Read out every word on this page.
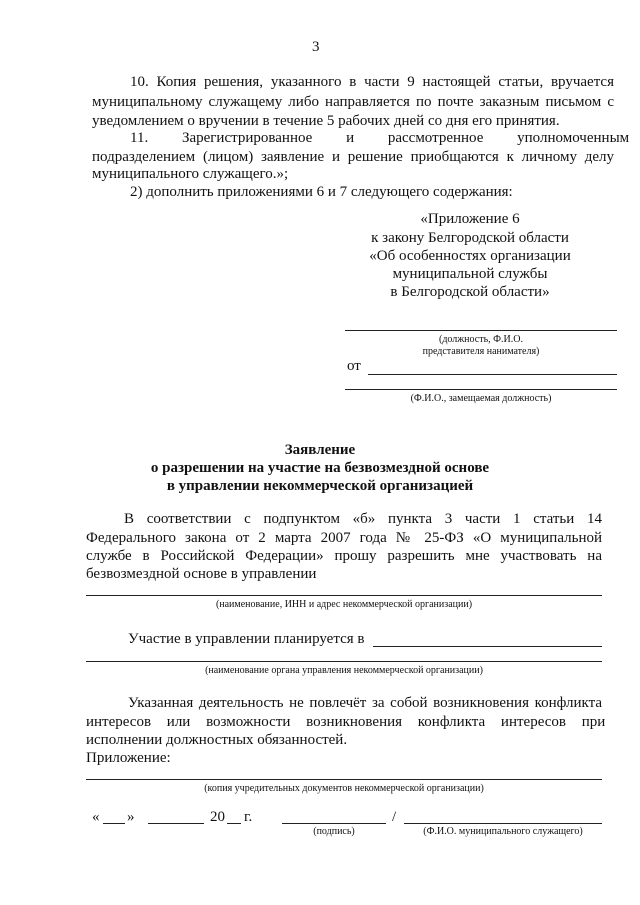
3
10. Копия решения, указанного в части 9 настоящей статьи, вручается
муниципальному служащему либо направляется по почте заказным письмом с
уведомлением о вручении в течение 5 рабочих дней со дня его принятия.
11. Зарегистрированное и рассмотренное уполномоченным
подразделением (лицом) заявление и решение приобщаются к личному делу
муниципального служащего.»;
2) дополнить приложениями 6 и 7 следующего содержания:
«Приложение 6
к закону Белгородской области
«Об особенностях организации
муниципальной службы
в Белгородской области»
(должность, Ф.И.О.
представителя нанимателя)
от
(Ф.И.О., замещаемая должность)
Заявление
о разрешении на участие на безвозмездной основе
в управлении некоммерческой организацией
В соответствии с подпунктом «б» пункта 3 части 1 статьи 14
Федерального закона от 2 марта 2007 года № 25-ФЗ «О муниципальной
службе в Российской Федерации» прошу разрешить мне участвовать на
безвозмездной основе в управлении
(наименование, ИНН и адрес некоммерческой организации)
Участие в управлении планируется в
(наименование органа управления некоммерческой организации)
Указанная деятельность не повлечёт за собой возникновения конфликта
интересов или возможности возникновения конфликта интересов при
исполнении должностных обязанностей.
Приложение:
(копия учредительных документов некоммерческой организации)
« »	20 г.	/
(подпись)	(Ф.И.О. муниципального служащего)
